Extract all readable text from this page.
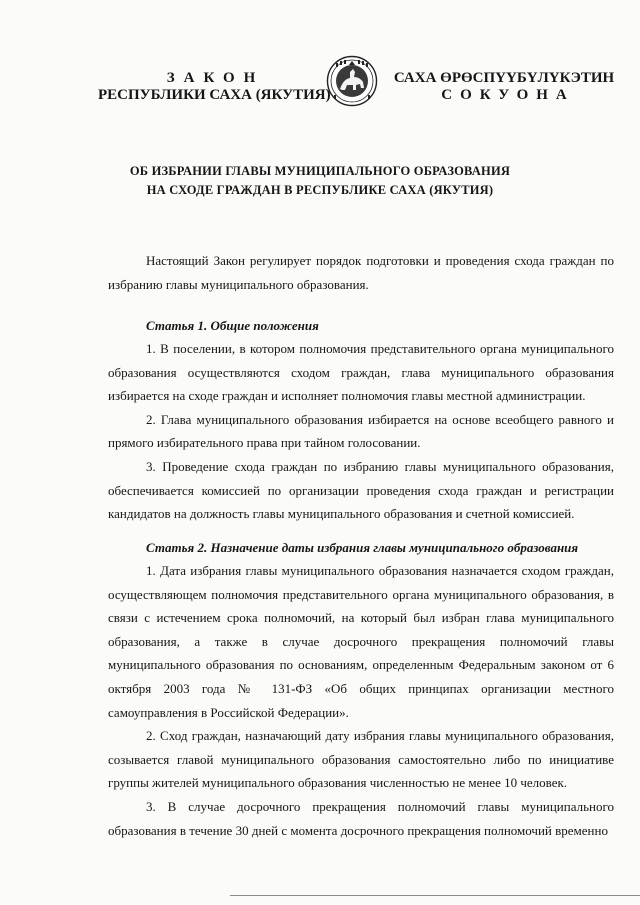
ЗАКОН
РЕСПУБЛИКИ САХА (ЯКУТИЯ)
САХА ӨРӨСПҮҮБҮЛҮКЭТИН
СОКУОНА
ОБ ИЗБРАНИИ ГЛАВЫ МУНИЦИПАЛЬНОГО ОБРАЗОВАНИЯ
НА СХОДЕ ГРАЖДАН В РЕСПУБЛИКЕ САХА (ЯКУТИЯ)

Настоящий Закон регулирует порядок подготовки и проведения схода граждан по избранию главы муниципального образования.

Статья 1. Общие положения

1. В поселении, в котором полномочия представительного органа муниципального образования осуществляются сходом граждан, глава муниципального образования избирается на сходе граждан и исполняет полномочия главы местной администрации.

2. Глава муниципального образования избирается на основе всеобщего равного и прямого избирательного права при тайном голосовании.

3. Проведение схода граждан по избранию главы муниципального образования, обеспечивается комиссией по организации проведения схода граждан и регистрации кандидатов на должность главы муниципального образования и счетной комиссией.

Статья 2. Назначение даты избрания главы муниципального образования

1. Дата избрания главы муниципального образования назначается сходом граждан, осуществляющем полномочия представительного органа муниципального образования, в связи с истечением срока полномочий, на который был избран глава муниципального образования, а также в случае досрочного прекращения полномочий главы муниципального образования по основаниям, определенным Федеральным законом от 6 октября 2003 года № 131-ФЗ «Об общих принципах организации местного самоуправления в Российской Федерации».

2. Сход граждан, назначающий дату избрания главы муниципального образования, созывается главой муниципального образования самостоятельно либо по инициативе группы жителей муниципального образования численностью не менее 10 человек.

3. В случае досрочного прекращения полномочий главы муниципального образования в течение 30 дней с момента досрочного прекращения полномочий временно
